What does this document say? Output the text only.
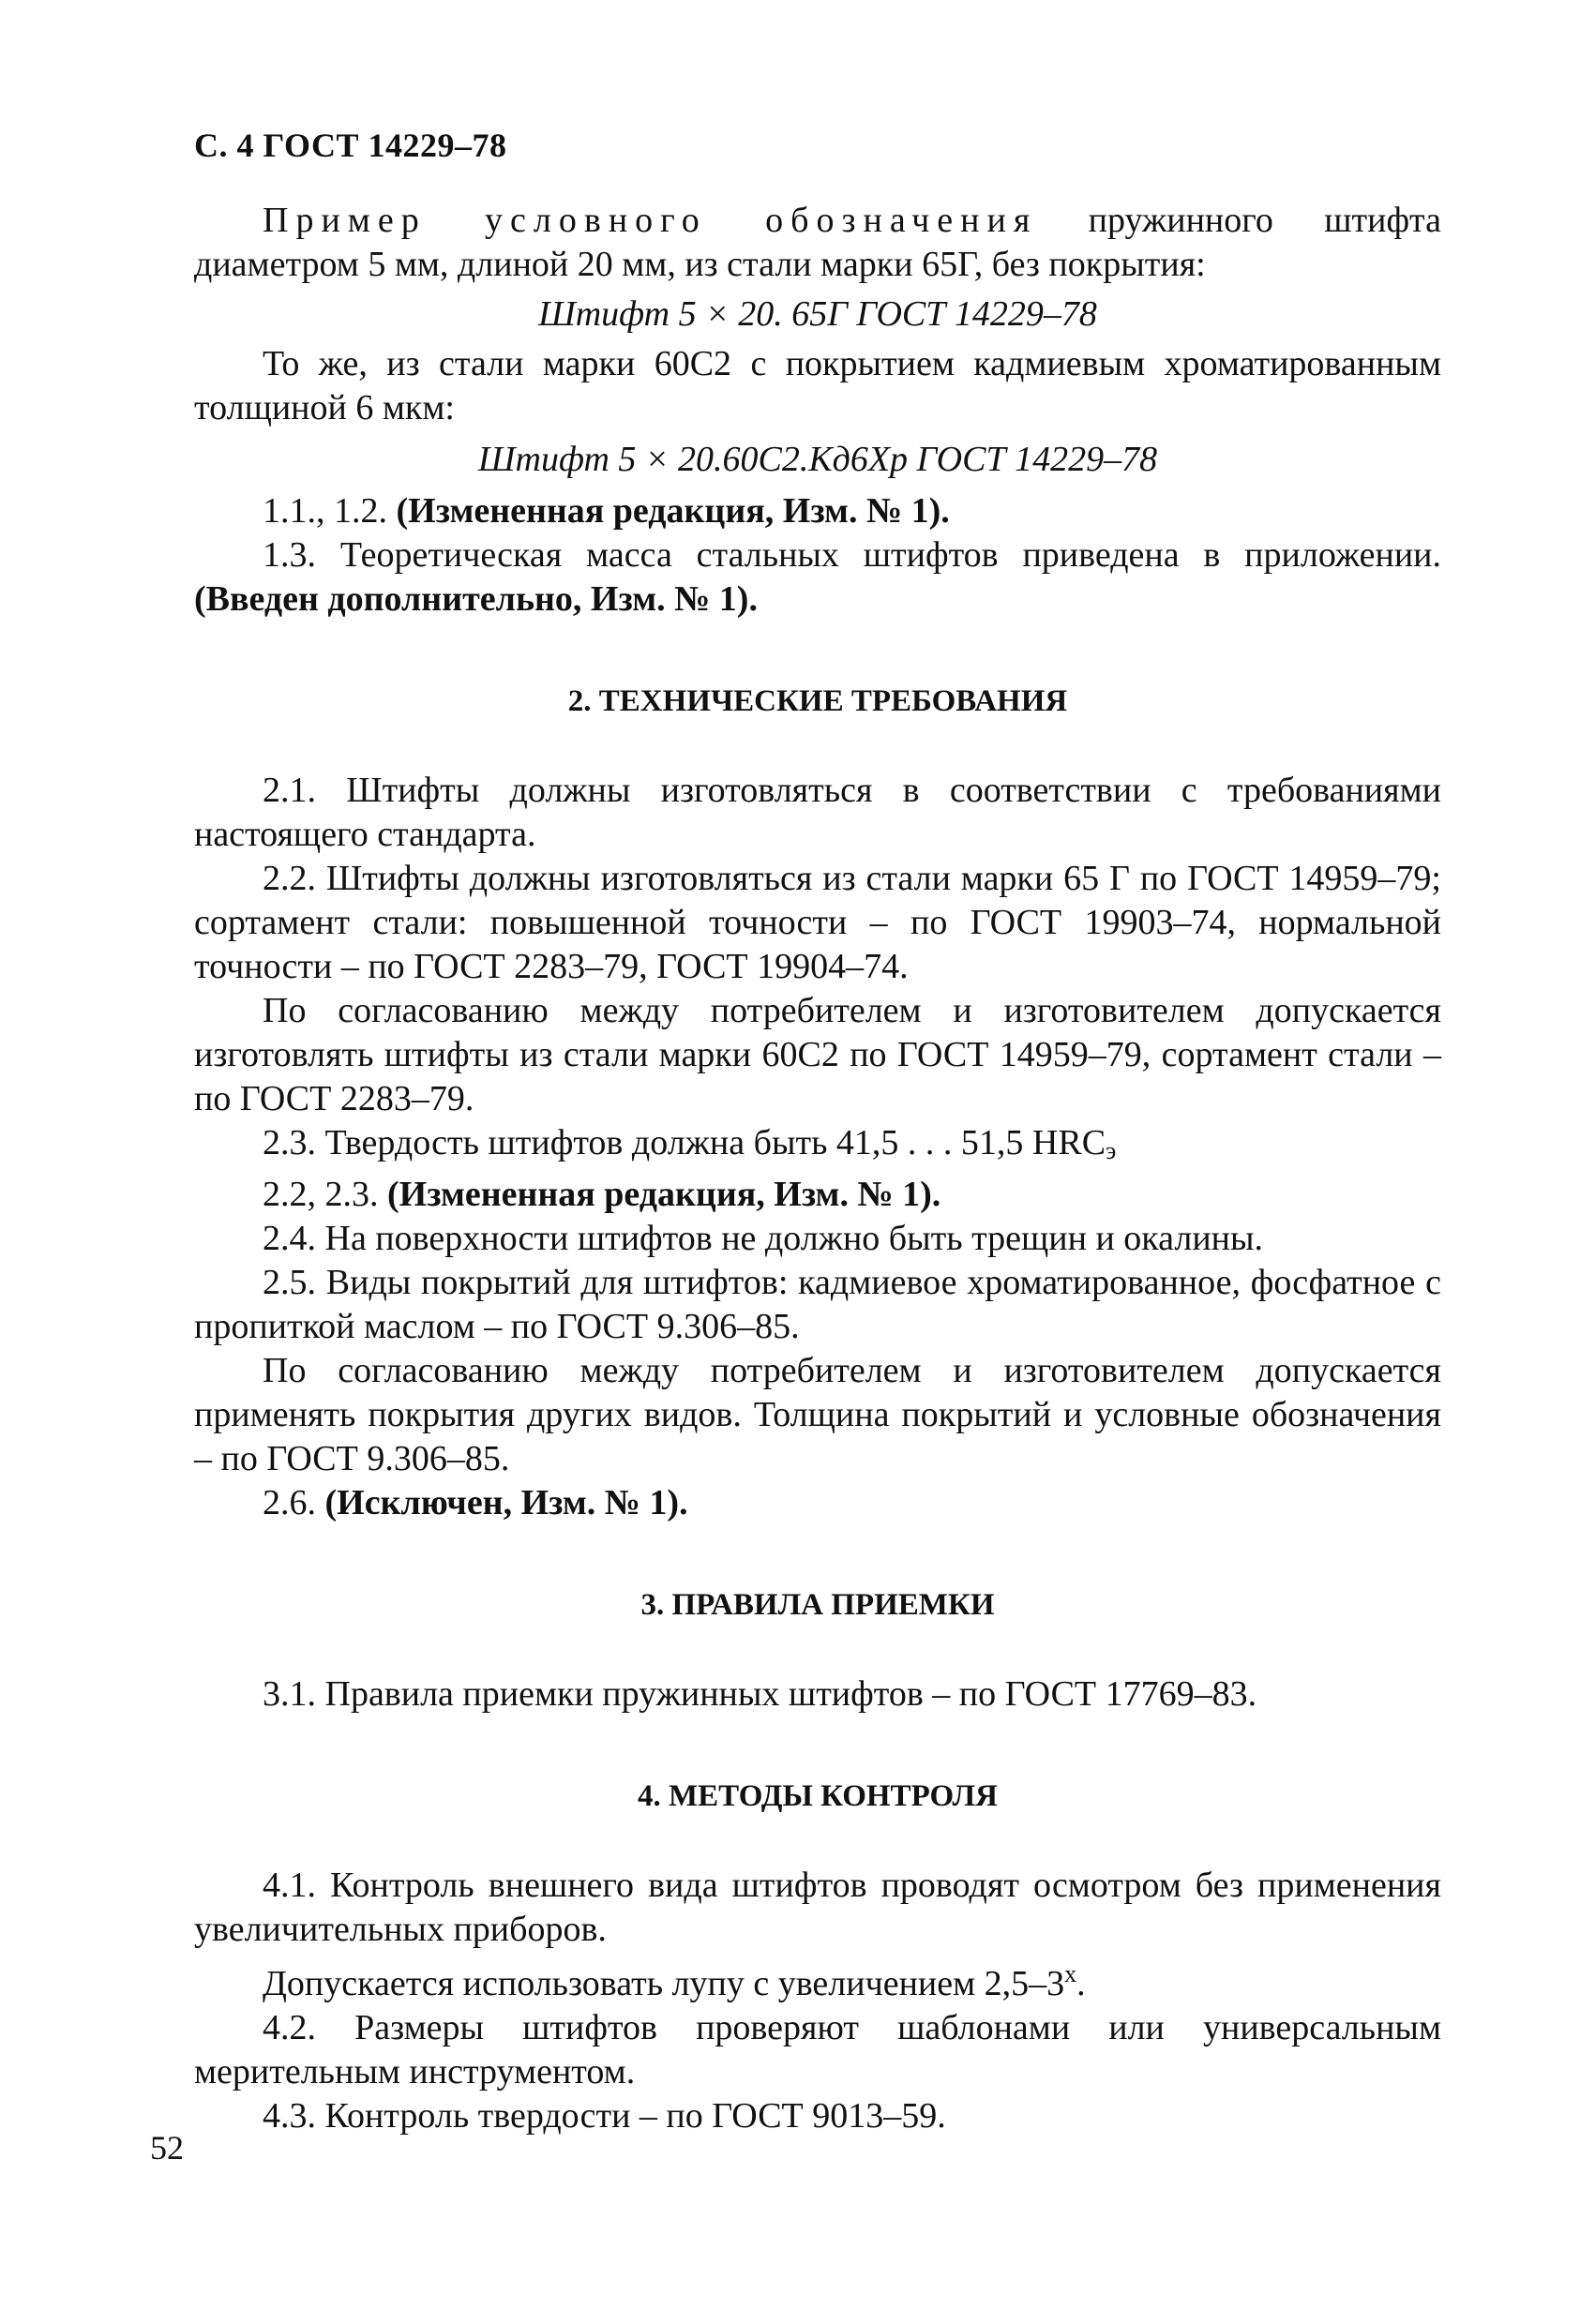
С. 4 ГОСТ 14229–78

Пример условного обозначения пружинного штифта диаметром 5 мм, длиной 20 мм, из стали марки 65Г, без покрытия:

Штифт 5 × 20. 65Г ГОСТ 14229–78

То же, из стали марки 60С2 с покрытием кадмиевым хроматированным толщиной 6 мкм:

Штифт 5 × 20.60С2.Кд6Хр ГОСТ 14229–78

1.1., 1.2. (Измененная редакция, Изм. № 1).

1.3. Теоретическая масса стальных штифтов приведена в приложении. (Введен дополнительно, Изм. № 1).

2. ТЕХНИЧЕСКИЕ ТРЕБОВАНИЯ

2.1. Штифты должны изготовляться в соответствии с требованиями настоящего стандарта.

2.2. Штифты должны изготовляться из стали марки 65 Г по ГОСТ 14959–79; сортамент стали: повышенной точности – по ГОСТ 19903–74, нормальной точности – по ГОСТ 2283–79, ГОСТ 19904–74.

По согласованию между потребителем и изготовителем допускается изготовлять штифты из стали марки 60С2 по ГОСТ 14959–79, сортамент стали – по ГОСТ 2283–79.

2.3. Твердость штифтов должна быть 41,5 . . . 51,5 HRCэ

2.2, 2.3. (Измененная редакция, Изм. № 1).

2.4. На поверхности штифтов не должно быть трещин и окалины.

2.5. Виды покрытий для штифтов: кадмиевое хроматированное, фосфатное с пропиткой маслом – по ГОСТ 9.306–85.

По согласованию между потребителем и изготовителем допускается применять покрытия других видов. Толщина покрытий и условные обозначения – по ГОСТ 9.306–85.

2.6. (Исключен, Изм. № 1).

3. ПРАВИЛА ПРИЕМКИ

3.1. Правила приемки пружинных штифтов – по ГОСТ 17769–83.

4. МЕТОДЫ КОНТРОЛЯ

4.1. Контроль внешнего вида штифтов проводят осмотром без применения увеличительных приборов.

Допускается использовать лупу с увеличением $2,5-3^х$.

4.2. Размеры штифтов проверяют шаблонами или универсальным мерительным инструментом.

4.3. Контроль твердости – по ГОСТ 9013–59.

52
